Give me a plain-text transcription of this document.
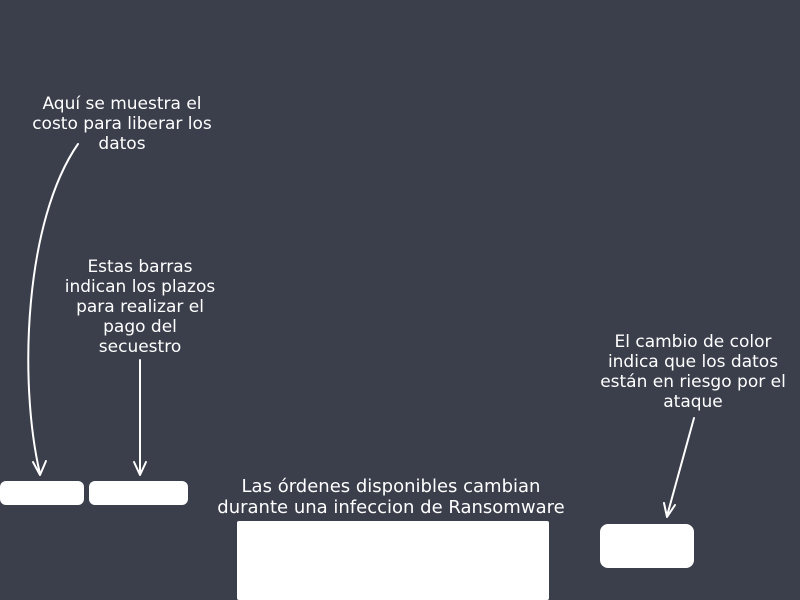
Aquí se muestra el costo para liberar los datos
Estas barras indican los plazos para realizar el pago del secuestro	El cambio de color indica que los datos están en riesgo por el ataque
Las órdenes disponibles cambian durante una infeccion de Ransomware
